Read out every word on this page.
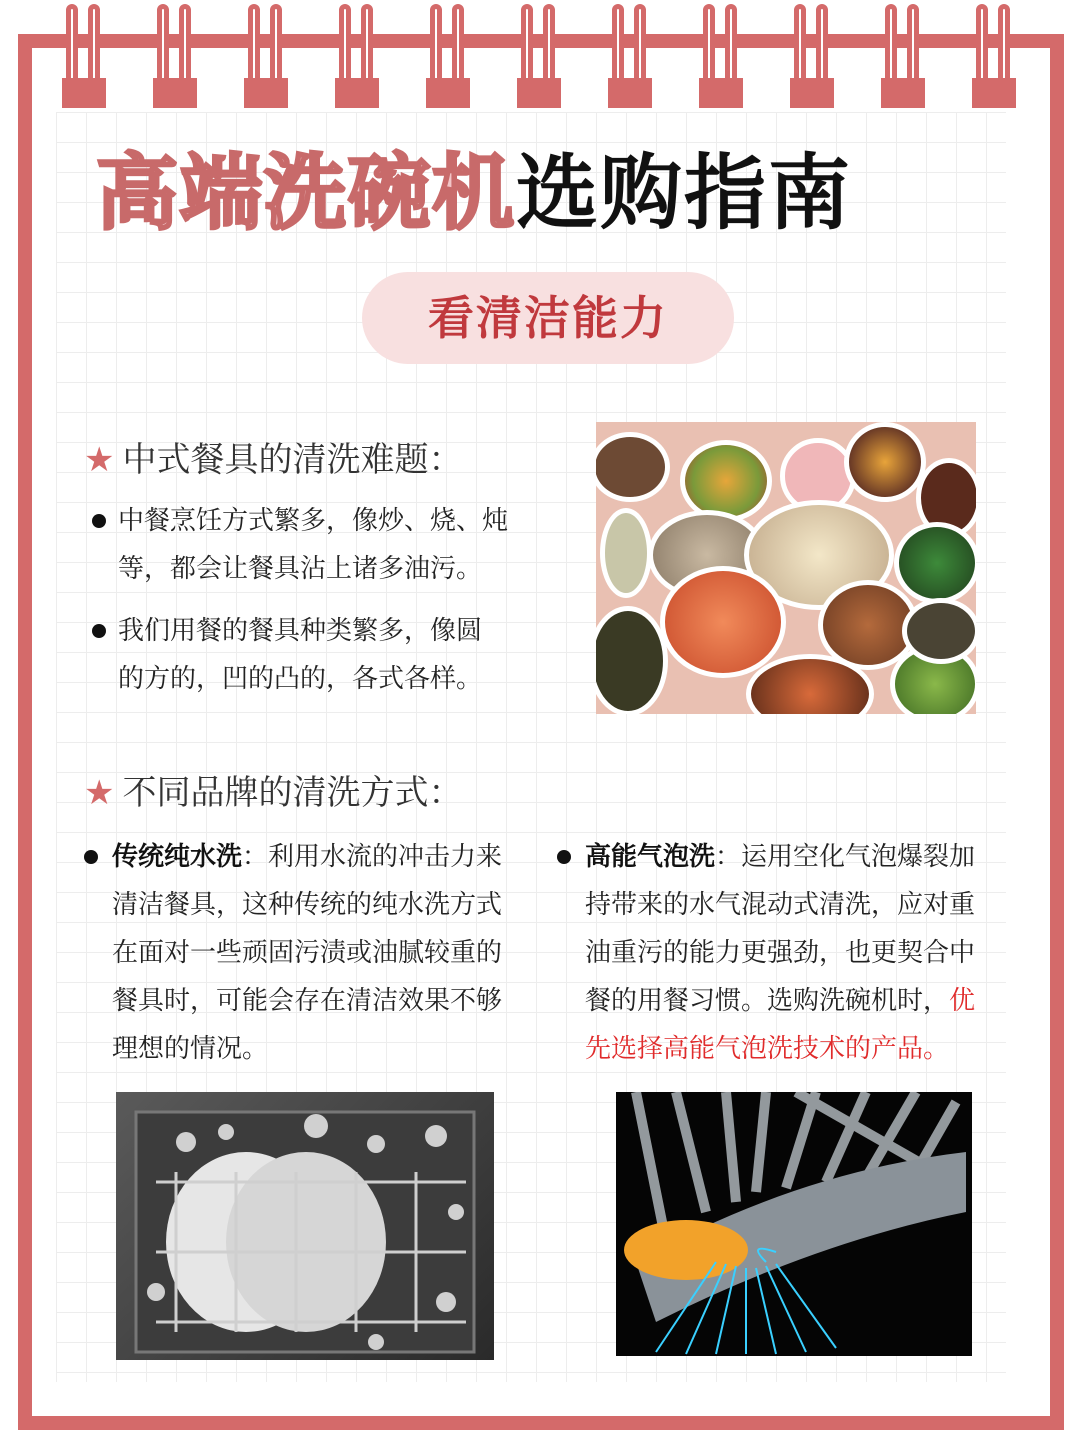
高端洗碗机选购指南
看清洁能力
★ 中式餐具的清洗难题：
中餐烹饪方式繁多，像炒、烧、炖
等，都会让餐具沾上诸多油污。
我们用餐的餐具种类繁多，像圆
的方的，凹的凸的，各式各样。
★ 不同品牌的清洗方式：
传统纯水洗：利用水流的冲击力来
清洁餐具，这种传统的纯水洗方式
在面对一些顽固污渍或油腻较重的
餐具时，可能会存在清洁效果不够
理想的情况。
高能气泡洗：运用空化气泡爆裂加
持带来的水气混动式清洗，应对重
油重污的能力更强劲，也更契合中
餐的用餐习惯。选购洗碗机时，优
先选择高能气泡洗技术的产品。
